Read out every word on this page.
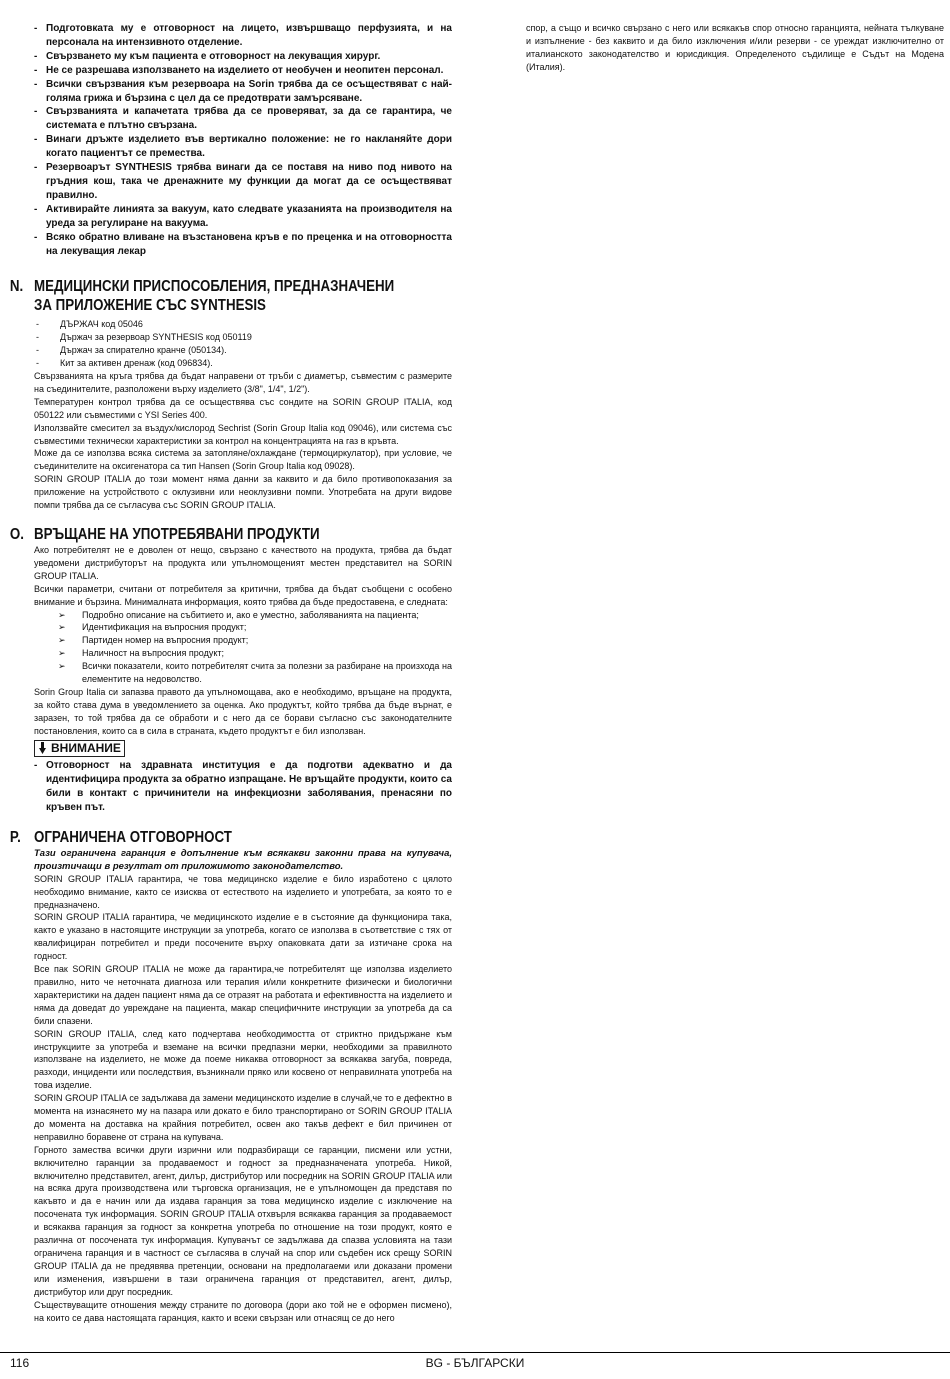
- Подготовката му е отговорност на лицето, извършващо перфузията, и на персонала на интензивното отделение.
- Свързването му към пациента е отговорност на лекуващия хирург.
- Не се разрешава използването на изделието от необучен и неопитен персонал.
- Всички свързвания към резервоара на Sorin трябва да се осъществяват с най-голяма грижа и бързина с цел да се предотврати замърсяване.
- Свързванията и капачетата трябва да се проверяват, за да се гарантира, че системата е плътно свързана.
- Винаги дръжте изделието във вертикално положение: не го накланяйте дори когато пациентът се премества.
- Резервоарът SYNTHESIS трябва винаги да се поставя на ниво под нивото на гръдния кош, така че дренажните му функции да могат да се осъществяват правилно.
- Активирайте линията за вакуум, като следвате указанията на производителя на уреда за регулиране на вакуума.
- Всяко обратно вливане на възстановена кръв е по преценка и на отговорността на лекуващия лекар
N. МЕДИЦИНСКИ ПРИСПОСОБЛЕНИЯ, ПРЕДНАЗНАЧЕНИ
ЗА ПРИЛОЖЕНИЕ СЪС SYNTHESIS
- ДЪРЖАЧ код 05046
- Държач за резервоар SYNTHESIS код 050119
- Държач за спирателно кранче (050134).
- Кит за активен дренаж (код 096834).

Свързванията на кръга трябва да бъдат направени от тръби с диаметър, съвместим с размерите на съединителите, разположени върху изделието (3/8", 1/4", 1/2").

Температурен контрол трябва да се осъществява със сондите на SORIN GROUP ITALIA, код 050122 или съвместими с YSI Series 400.

Използвайте смесител за въздух/кислород Sechrist (Sorin Group Italia код 09046), или система със съвместими технически характеристики за контрол на концентрацията на газ в кръвта.

Може да се използва всяка система за затопляне/охлаждане (термоциркулатор), при условие, че съединителите на оксигенатора са тип Hansen (Sorin Group Italia код 09028).

SORIN GROUP ITALIA до този момент няма данни за каквито и да било противопоказания за приложение на устройството с оклузивни или неоклузивни помпи. Употребата на други видове помпи трябва да се съгласува със SORIN GROUP ITALIA.

O. ВРЪЩАНЕ НА УПОТРЕБЯВАНИ ПРОДУКТИ

Ако потребителят не е доволен от нещо, свързано с качеството на продукта, трябва да бъдат уведомени дистрибуторът на продукта или упълномощеният местен представител на SORIN GROUP ITALIA.

Всички параметри, считани от потребителя за критични, трябва да бъдат съобщени с особено внимание и бързина. Минималната информация, която трябва да бъде предоставена, е следната:

➢ Подробно описание на събитието и, ако е уместно, заболяванията на пациента;
➢ Идентификация на въпросния продукт;
➢ Партиден номер на въпросния продукт;
➢ Наличност на въпросния продукт;
➢ Всички показатели, които потребителят счита за полезни за разбиране на произхода на елементите на недоволство.

Sorin Group Italia си запазва правото да упълномощава, ако е необходимо, връщане на продукта, за който става дума в уведомлението за оценка. Ако продуктът, който трябва да бъде върнат, е заразен, то той трябва да се обработи и с него да се борави съгласно със законодателните постановления, които са в сила в страната, където продуктът е бил използван.

ВНИМАНИЕ
- Отговорност на здравната институция е да подготви адекватно и да идентифицира продукта за обратно изпращане. Не връщайте продукти, които са били в контакт с причинители на инфекциозни заболявания, пренасяни по кръвен път.
P. ОГРАНИЧЕНА ОТГОВОРНОСТ

Тази ограничена гаранция е допълнение към всякакви законни права на купувача, произтичащи в резултат от приложимото законодателство.

SORIN GROUP ITALIA гарантира, че това медицинско изделие е било изработено с цялото необходимо внимание, както се изисква от естеството на изделието и употребата, за която то е предназначено.

SORIN GROUP ITALIA гарантира, че медицинското изделие е в състояние да функционира така, както е указано в настоящите инструкции за употреба, когато се използва в съответствие с тях от квалифициран потребител и преди посочените върху опаковката дати за изтичане срока на годност.

Все пак SORIN GROUP ITALIA не може да гарантира,че потребителят ще използва изделието правилно, нито че неточната диагноза или терапия и/или конкретните физически и биологични характеристики на даден пациент няма да се отразят на работата и ефективността на изделието и няма да доведат до увреждане на пациента, макар специфичните инструкции за употреба да са били спазени.

SORIN GROUP ITALIA, след като подчертава необходимостта от стриктно придържане към инструкциите за употреба и вземане на всички предпазни мерки, необходими за правилното използване на изделието, не може да поеме никаква отговорност за всякаква загуба, повреда, разходи, инциденти или последствия, възникнали пряко или косвено от неправилната употреба на това изделие.

SORIN GROUP ITALIA се задължава да замени медицинското изделие в случай,че то е дефектно в момента на изнасянето му на пазара или докато е било транспортирано от SORIN GROUP ITALIA до момента на доставка на крайния потребител, освен ако такъв дефект е бил причинен от неправилно боравене от страна на купувача.

Горното замества всички други изрични или подразбиращи се гаранции, писмени или устни, включително гаранции за продаваемост и годност за предназначената употреба. Никой, включително представител, агент, дилър, дистрибутор или посредник на SORIN GROUP ITALIA или на всяка друга производствена или търговска организация, не е упълномощен да представя по какъвто и да е начин или да издава гаранция за това медицинско изделие с изключение на посочената тук информация. SORIN GROUP ITALIA отхвърля всякаква гаранция за продаваемост и всякаква гаранция за годност за конкретна употреба по отношение на този продукт, която е различна от посочената тук информация. Купувачът се задължава да спазва условията на тази ограничена гаранция и в частност се съгласява в случай на спор или съдебен иск срещу SORIN GROUP ITALIA да не предявява претенции, основани на предполагаеми или доказани промени или изменения, извършени в тази ограничена гаранция от представител, агент, дилър, дистрибутор или друг посредник.

Съществуващите отношения между страните по договора (дори ако той не е оформен писмено), на които се дава настоящата гаранция, както и всеки свързан или отнасящ се до него

спор, а също и всичко свързано с него или всякакъв спор относно гаранцията, нейната тълкуване и изпълнение - без каквито и да било изключения и/или резерви - се уреждат изключително от италианското законодателство и юрисдикция. Определеното съдилище е Съдът на Модена (Италия).

116	BG - БЪЛГАРСКИ
